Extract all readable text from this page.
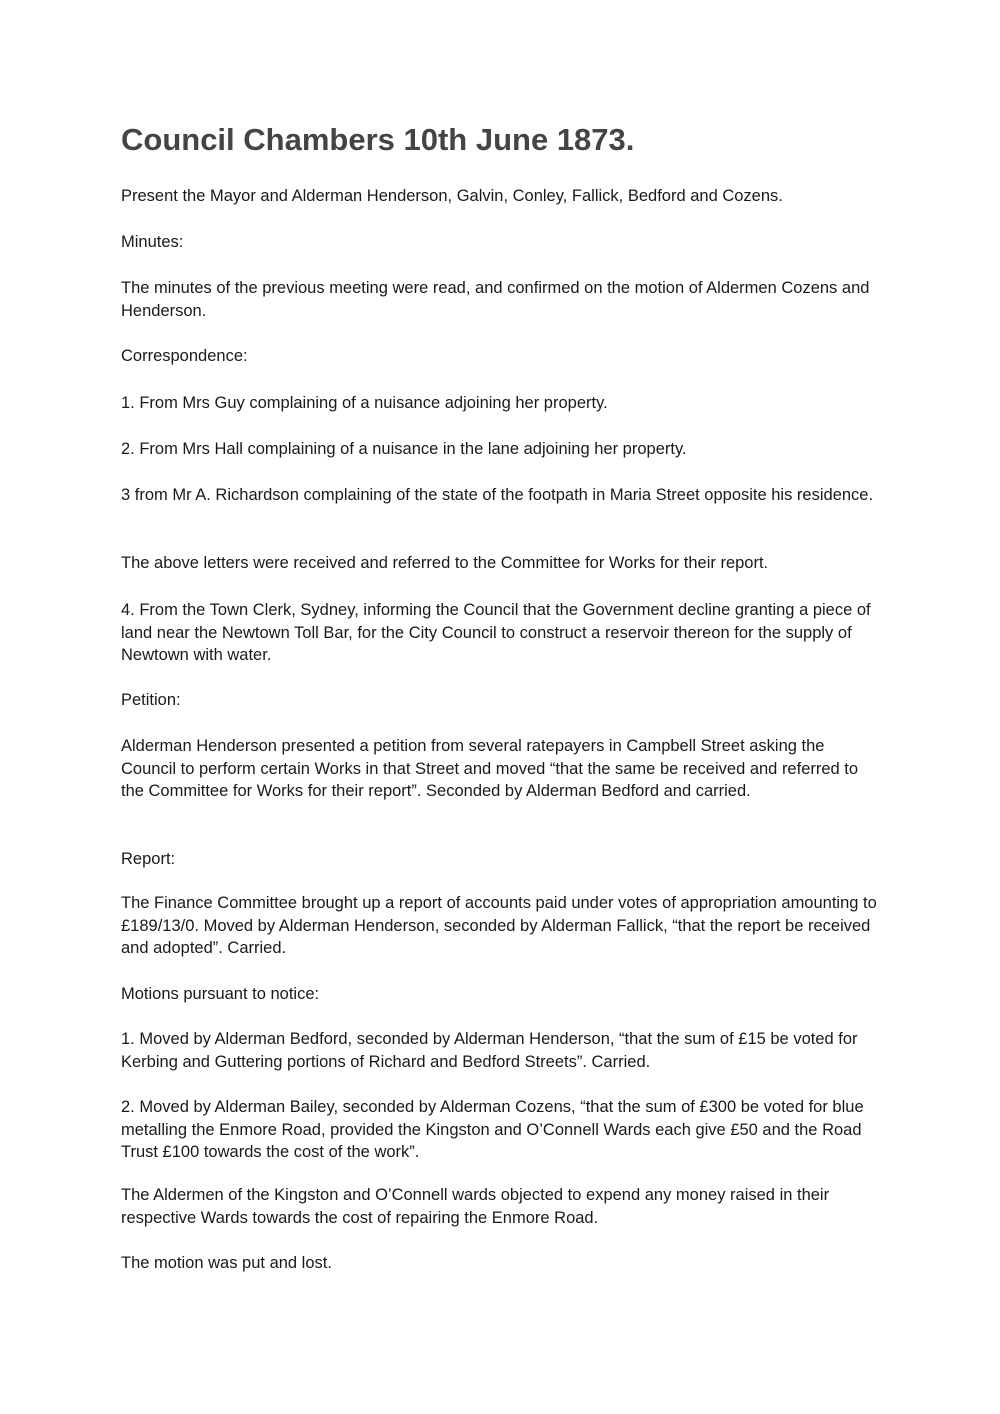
Council Chambers 10th June 1873.

Present the Mayor and Alderman Henderson, Galvin, Conley, Fallick, Bedford and Cozens.

Minutes:

The minutes of the previous meeting were read, and confirmed on the motion of Aldermen Cozens and Henderson.

Correspondence:

1. From Mrs Guy complaining of a nuisance adjoining her property.

2. From Mrs Hall complaining of a nuisance in the lane adjoining her property.

3 from Mr A. Richardson complaining of the state of the footpath in Maria Street opposite his residence.

The above letters were received and referred to the Committee for Works for their report.

4. From the Town Clerk, Sydney, informing the Council that the Government decline granting a piece of land near the Newtown Toll Bar, for the City Council to construct a reservoir thereon for the supply of Newtown with water.

Petition:

Alderman Henderson presented a petition from several ratepayers in Campbell Street asking the Council to perform certain Works in that Street and moved “that the same be received and referred to the Committee for Works for their report”. Seconded by Alderman Bedford and carried.

Report:

The Finance Committee brought up a report of accounts paid under votes of appropriation amounting to £189/13/0. Moved by Alderman Henderson, seconded by Alderman Fallick, “that the report be received and adopted”. Carried.

Motions pursuant to notice:

1. Moved by Alderman Bedford, seconded by Alderman Henderson, “that the sum of £15 be voted for Kerbing and Guttering portions of Richard and Bedford Streets”. Carried.

2. Moved by Alderman Bailey, seconded by Alderman Cozens, “that the sum of £300 be voted for blue metalling the Enmore Road, provided the Kingston and O’Connell Wards each give £50 and the Road Trust £100 towards the cost of the work”.

The Aldermen of the Kingston and O’Connell wards objected to expend any money raised in their respective Wards towards the cost of repairing the Enmore Road.

The motion was put and lost.
